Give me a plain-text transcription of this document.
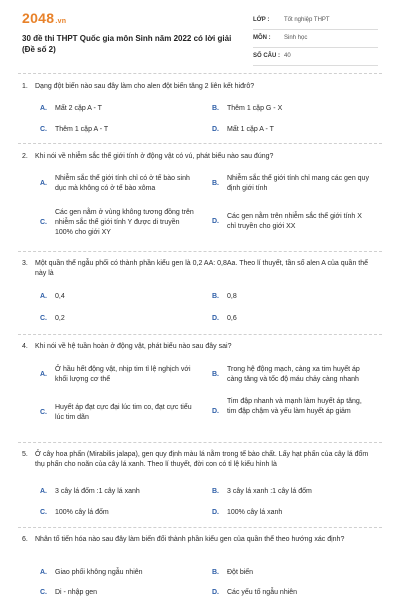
2048.vn
30 đề thi THPT Quốc gia môn Sinh năm 2022 có lời giải (Đề số 2)
LỚP : Tốt nghiệp THPT
MÔN : Sinh học
SỐ CÂU : 40
1. Dạng đột biến nào sau đây làm cho alen đột biến tăng 2 liên kết hiđrô?
A. Mất 2 cặp A - T	B. Thêm 1 cặp G - X
C. Thêm 1 cặp A - T	D. Mất 1 cặp A - T
2. Khi nói về nhiễm sắc thể giới tính ở động vật có vú, phát biểu nào sau đúng?
A.
Nhiễm sắc thể giới tính chỉ có ở tế bào sinh dục mà không có ở tế bào xôma
B.
Nhiễm sắc thể giới tính chỉ mang các gen quy định giới tính
C.
Các gen nằm ở vùng không tương đồng trên nhiễm sắc thể giới tính Y được di truyền 100% cho giới XY
D.
Các gen nằm trên nhiễm sắc thể giới tính X chỉ truyền cho giới XX
3. Một quần thể ngẫu phối có thành phần kiểu gen là 0,2 AA: 0,8Aa. Theo lí thuyết, tần số alen A của quần thể này là
A. 0,4	B. 0,8
C. 0,2	D. 0,6
4. Khi nói về hệ tuần hoàn ở động vật, phát biểu nào sau đây sai?
A.
Ở hầu hết động vật, nhịp tim tỉ lệ nghịch với khối lượng cơ thể
B.
Trong hệ động mạch, càng xa tim huyết áp càng tăng và tốc độ máu chảy càng nhanh
C.
Huyết áp đạt cực đại lúc tim co, đạt cực tiểu lúc tim dãn
D.
Tim đập nhanh và mạnh làm huyết áp tăng, tim đập chậm và yếu làm huyết áp giảm
5. Ở cây hoa phấn (Mirabilis jalapa), gen quy định màu lá nằm trong tế bào chất. Lấy hạt phấn của cây lá đốm thụ phấn cho noãn của cây lá xanh. Theo lí thuyết, đời con có tỉ lệ kiểu hình là
A. 3 cây lá đốm :1 cây lá xanh	B. 3 cây lá xanh :1 cây lá đốm
C. 100% cây lá đốm	D. 100% cây lá xanh
6. Nhân tố tiến hóa nào sau đây làm biến đổi thành phần kiểu gen của quần thể theo hướng xác định?
A. Giao phối không ngẫu nhiên	B. Đột biến
C. Di - nhập gen	D. Các yếu tố ngẫu nhiên
